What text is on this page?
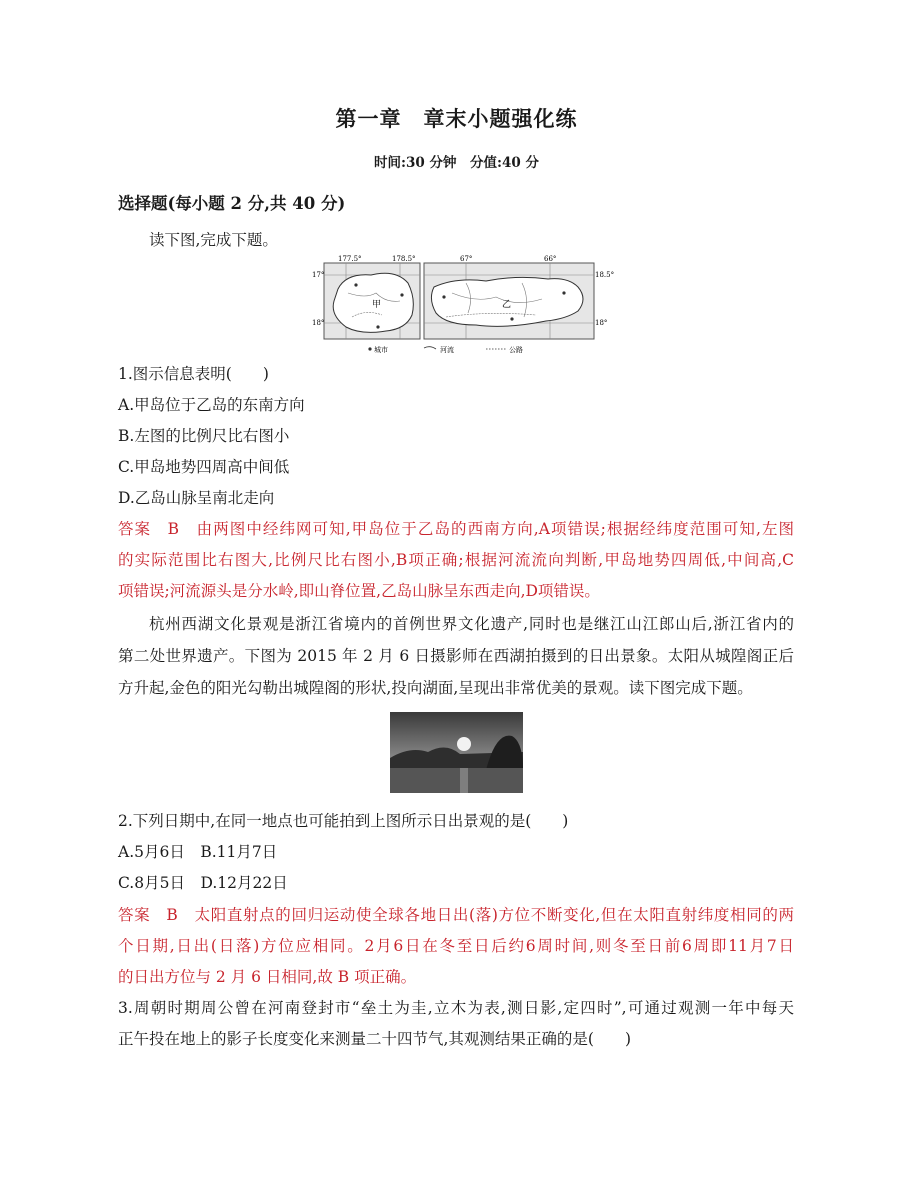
第一章　章末小题强化练
时间:30 分钟　分值:40 分
选择题(每小题 2 分,共 40 分)
读下图,完成下题。
甲	乙
177.5°	178.5°	67°	66°
17°
18°
18.5°
18°
城市	河流	公路
1.图示信息表明(　　)
A.甲岛位于乙岛的东南方向
B.左图的比例尺比右图小
C.甲岛地势四周高中间低
D.乙岛山脉呈南北走向
答案　B　由两图中经纬网可知,甲岛位于乙岛的西南方向,A项错误;根据经纬度范围可知,左图
的实际范围比右图大,比例尺比右图小,B项正确;根据河流流向判断,甲岛地势四周低,中间高,C
项错误;河流源头是分水岭,即山脊位置,乙岛山脉呈东西走向,D项错误。
杭州西湖文化景观是浙江省境内的首例世界文化遗产,同时也是继江山江郎山后,浙江省内的
第二处世界遗产。下图为 2015 年 2 月 6 日摄影师在西湖拍摄到的日出景象。太阳从城隍阁正后
方升起,金色的阳光勾勒出城隍阁的形状,投向湖面,呈现出非常优美的景观。读下图完成下题。
2.下列日期中,在同一地点也可能拍到上图所示日出景观的是(　　)
A.5月6日　B.11月7日
C.8月5日　D.12月22日
答案　B　太阳直射点的回归运动使全球各地日出(落)方位不断变化,但在太阳直射纬度相同的两
个日期,日出(日落)方位应相同。2月6日在冬至日后约6周时间,则冬至日前6周即11月7日
的日出方位与 2 月 6 日相同,故 B 项正确。
3.周朝时期周公曾在河南登封市“垒土为圭,立木为表,测日影,定四时”,可通过观测一年中每天
正午投在地上的影子长度变化来测量二十四节气,其观测结果正确的是(　　)
